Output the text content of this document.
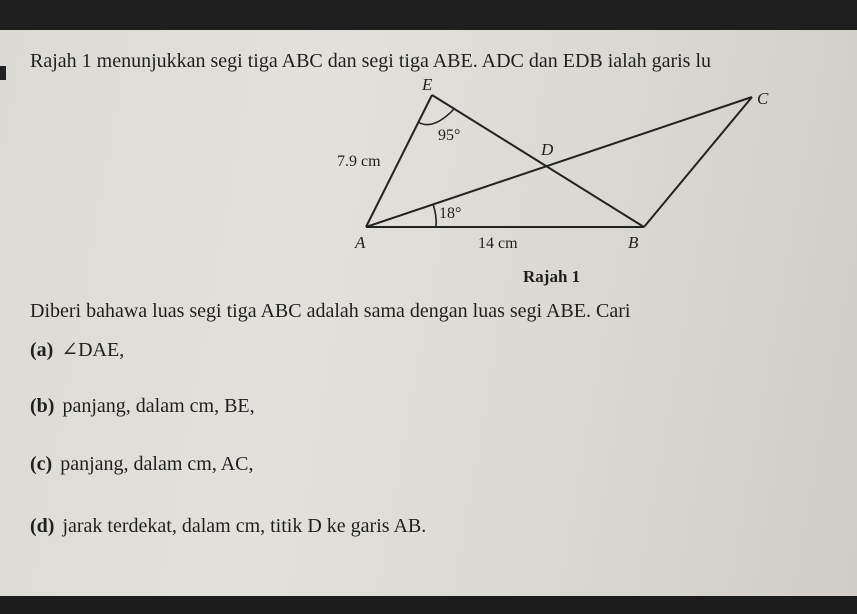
Rajah 1 menunjukkan segi tiga ABC dan segi tiga ABE. ADC dan EDB ialah garis lu
E
C
D
A	B
95°
18°
7.9 cm
14 cm
Rajah 1
Diberi bahawa luas segi tiga ABC adalah sama dengan luas segi ABE. Cari
(a) ∠DAE,
(b) panjang, dalam cm, BE,
(c) panjang, dalam cm, AC,
(d) jarak terdekat, dalam cm, titik D ke garis AB.
